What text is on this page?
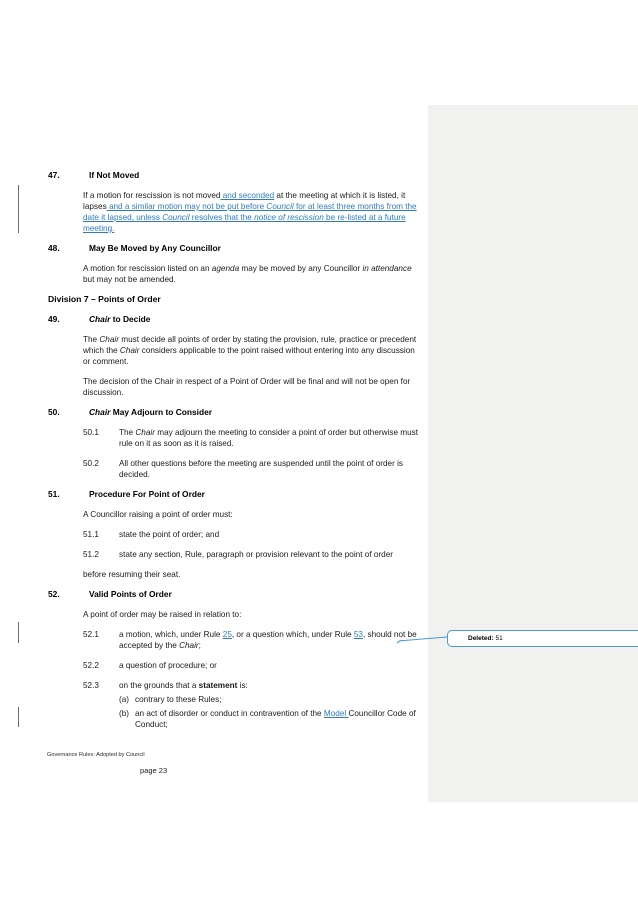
47.	If Not Moved
If a motion for rescission is not moved and seconded at the meeting at which it is listed, it lapses and a similar motion may not be put before Council for at least three months from the date it lapsed, unless Council resolves that the notice of rescission be re-listed at a future meeting.
48.	May Be Moved by Any Councillor
A motion for rescission listed on an agenda may be moved by any Councillor in attendance but may not be amended.
Division 7 – Points of Order
49.	Chair to Decide
The Chair must decide all points of order by stating the provision, rule, practice or precedent which the Chair considers applicable to the point raised without entering into any discussion or comment.
The decision of the Chair in respect of a Point of Order will be final and will not be open for discussion.
50.	Chair May Adjourn to Consider
50.1	The Chair may adjourn the meeting to consider a point of order but otherwise must rule on it as soon as it is raised.
50.2	All other questions before the meeting are suspended until the point of order is decided.
51.	Procedure For Point of Order
A Councillor raising a point of order must:
51.1	state the point of order; and
51.2	state any section, Rule, paragraph or provision relevant to the point of order
before resuming their seat.
52.	Valid Points of Order
A point of order may be raised in relation to:
52.1	a motion, which, under Rule 25, or a question which, under Rule 53, should not be accepted by the Chair;
52.2	a question of procedure; or
52.3	on the grounds that a statement is:
(a) contrary to these Rules;
(b) an act of disorder or conduct in contravention of the Model Councillor Code of Conduct;
Deleted: 51
Governance Rules: Adopted by Council
page 23
